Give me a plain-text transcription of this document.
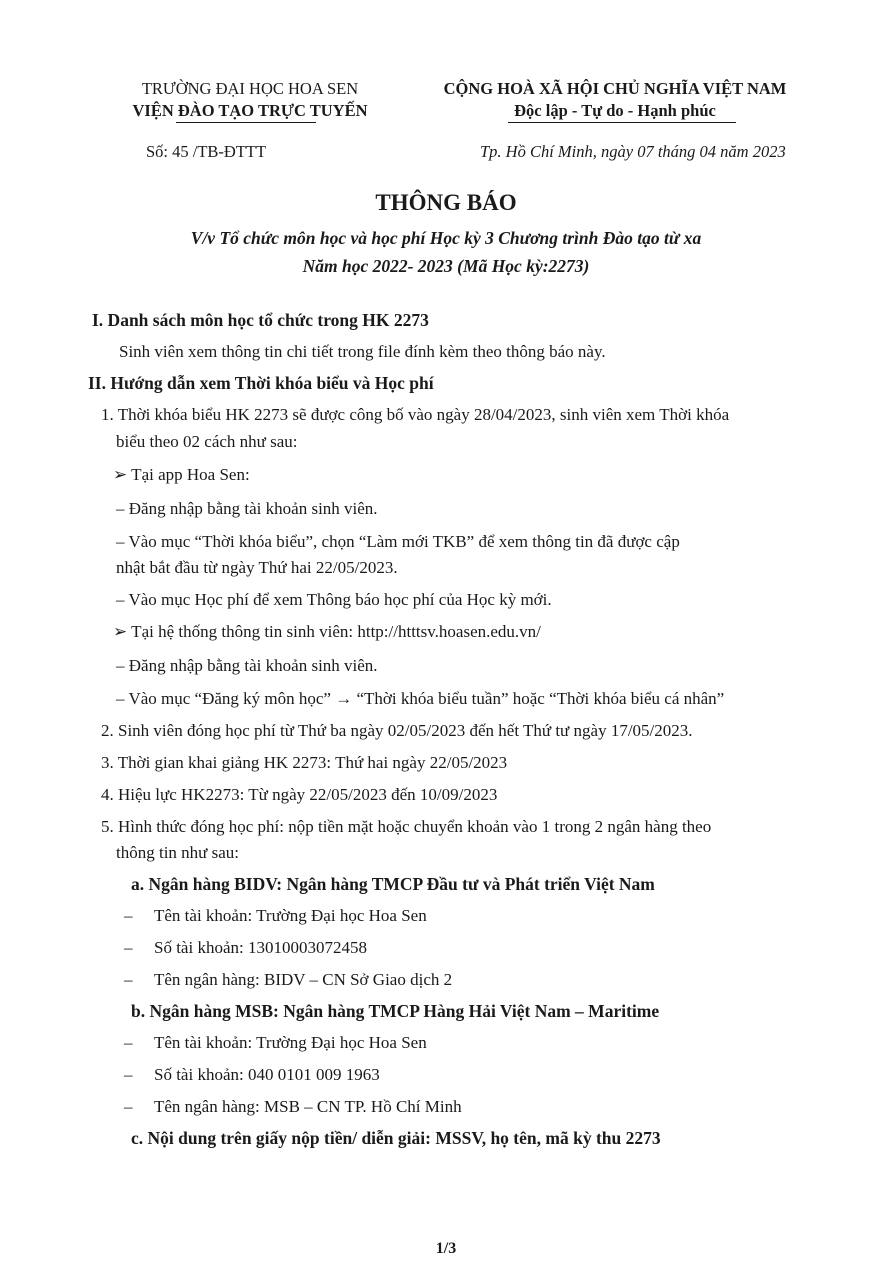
TRƯỜNG ĐẠI HỌC HOA SEN
VIỆN ĐÀO TẠO TRỰC TUYẾN
CỘNG HOÀ XÃ HỘI CHỦ NGHĨA VIỆT NAM
Độc lập - Tự do - Hạnh phúc
Số: 45 /TB-ĐTTT	Tp. Hồ Chí Minh, ngày 07 tháng 04 năm 2023
THÔNG BÁO
V/v Tổ chức môn học và học phí Học kỳ 3 Chương trình Đào tạo từ xa
Năm học 2022- 2023 (Mã Học kỳ:2273)
I. Danh sách môn học tổ chức trong HK 2273
Sinh viên xem thông tin chi tiết trong file đính kèm theo thông báo này.
II. Hướng dẫn xem Thời khóa biểu và Học phí
1. Thời khóa biểu HK 2273 sẽ được công bố vào ngày 28/04/2023, sinh viên xem Thời khóa
biểu theo 02 cách như sau:
➢ Tại app Hoa Sen:
– Đăng nhập bằng tài khoản sinh viên.
– Vào mục “Thời khóa biểu”, chọn “Làm mới TKB” để xem thông tin đã được cập
nhật bắt đầu từ ngày Thứ hai 22/05/2023.
– Vào mục Học phí để xem Thông báo học phí của Học kỳ mới.
➢ Tại hệ thống thông tin sinh viên: http://htttsv.hoasen.edu.vn/
– Đăng nhập bằng tài khoản sinh viên.
– Vào mục “Đăng ký môn học” → “Thời khóa biểu tuần” hoặc “Thời khóa biểu cá nhân”
2. Sinh viên đóng học phí từ Thứ ba ngày 02/05/2023 đến hết Thứ tư ngày 17/05/2023.
3. Thời gian khai giảng HK 2273: Thứ hai ngày 22/05/2023
4. Hiệu lực HK2273: Từ ngày 22/05/2023 đến 10/09/2023
5. Hình thức đóng học phí: nộp tiền mặt hoặc chuyển khoản vào 1 trong 2 ngân hàng theo
thông tin như sau:
a. Ngân hàng BIDV: Ngân hàng TMCP Đầu tư và Phát triển Việt Nam
– Tên tài khoản: Trường Đại học Hoa Sen
– Số tài khoản: 13010003072458
– Tên ngân hàng: BIDV – CN Sở Giao dịch 2
b. Ngân hàng MSB: Ngân hàng TMCP Hàng Hải Việt Nam – Maritime
– Tên tài khoản: Trường Đại học Hoa Sen
– Số tài khoản: 040 0101 009 1963
– Tên ngân hàng: MSB – CN TP. Hồ Chí Minh
c. Nội dung trên giấy nộp tiền/ diễn giải: MSSV, họ tên, mã kỳ thu 2273
1/3
